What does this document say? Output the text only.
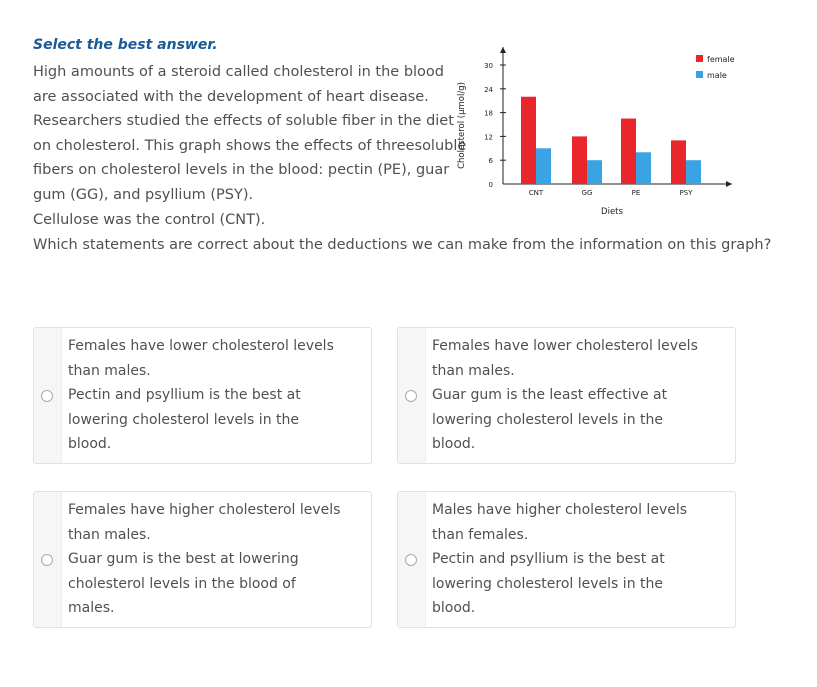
Select the best answer.
High amounts of a steroid called cholesterol in the blood
are associated with the development of heart disease.
Researchers studied the effects of soluble fiber in the diet
on cholesterol. This graph shows the effects of threesoluble
fibers on cholesterol levels in the blood: pectin (PE), guar
gum (GG), and psyllium (PSY).
Cellulose was the control (CNT).
0
6
12
18
24
30
Cholesterol (μmol/g)
CNT	GG	PE	PSY
Diets
female
male
Which statements are correct about the deductions we can make from the information on this graph?
Females have lower cholesterol levels
than males.
Pectin and psyllium is the best at
lowering cholesterol levels in the
blood.
Females have lower cholesterol levels
than males.
Guar gum is the least effective at
lowering cholesterol levels in the
blood.
Females have higher cholesterol levels
than males.
Guar gum is the best at lowering
cholesterol levels in the blood of
males.
Males have higher cholesterol levels
than females.
Pectin and psyllium is the best at
lowering cholesterol levels in the
blood.
